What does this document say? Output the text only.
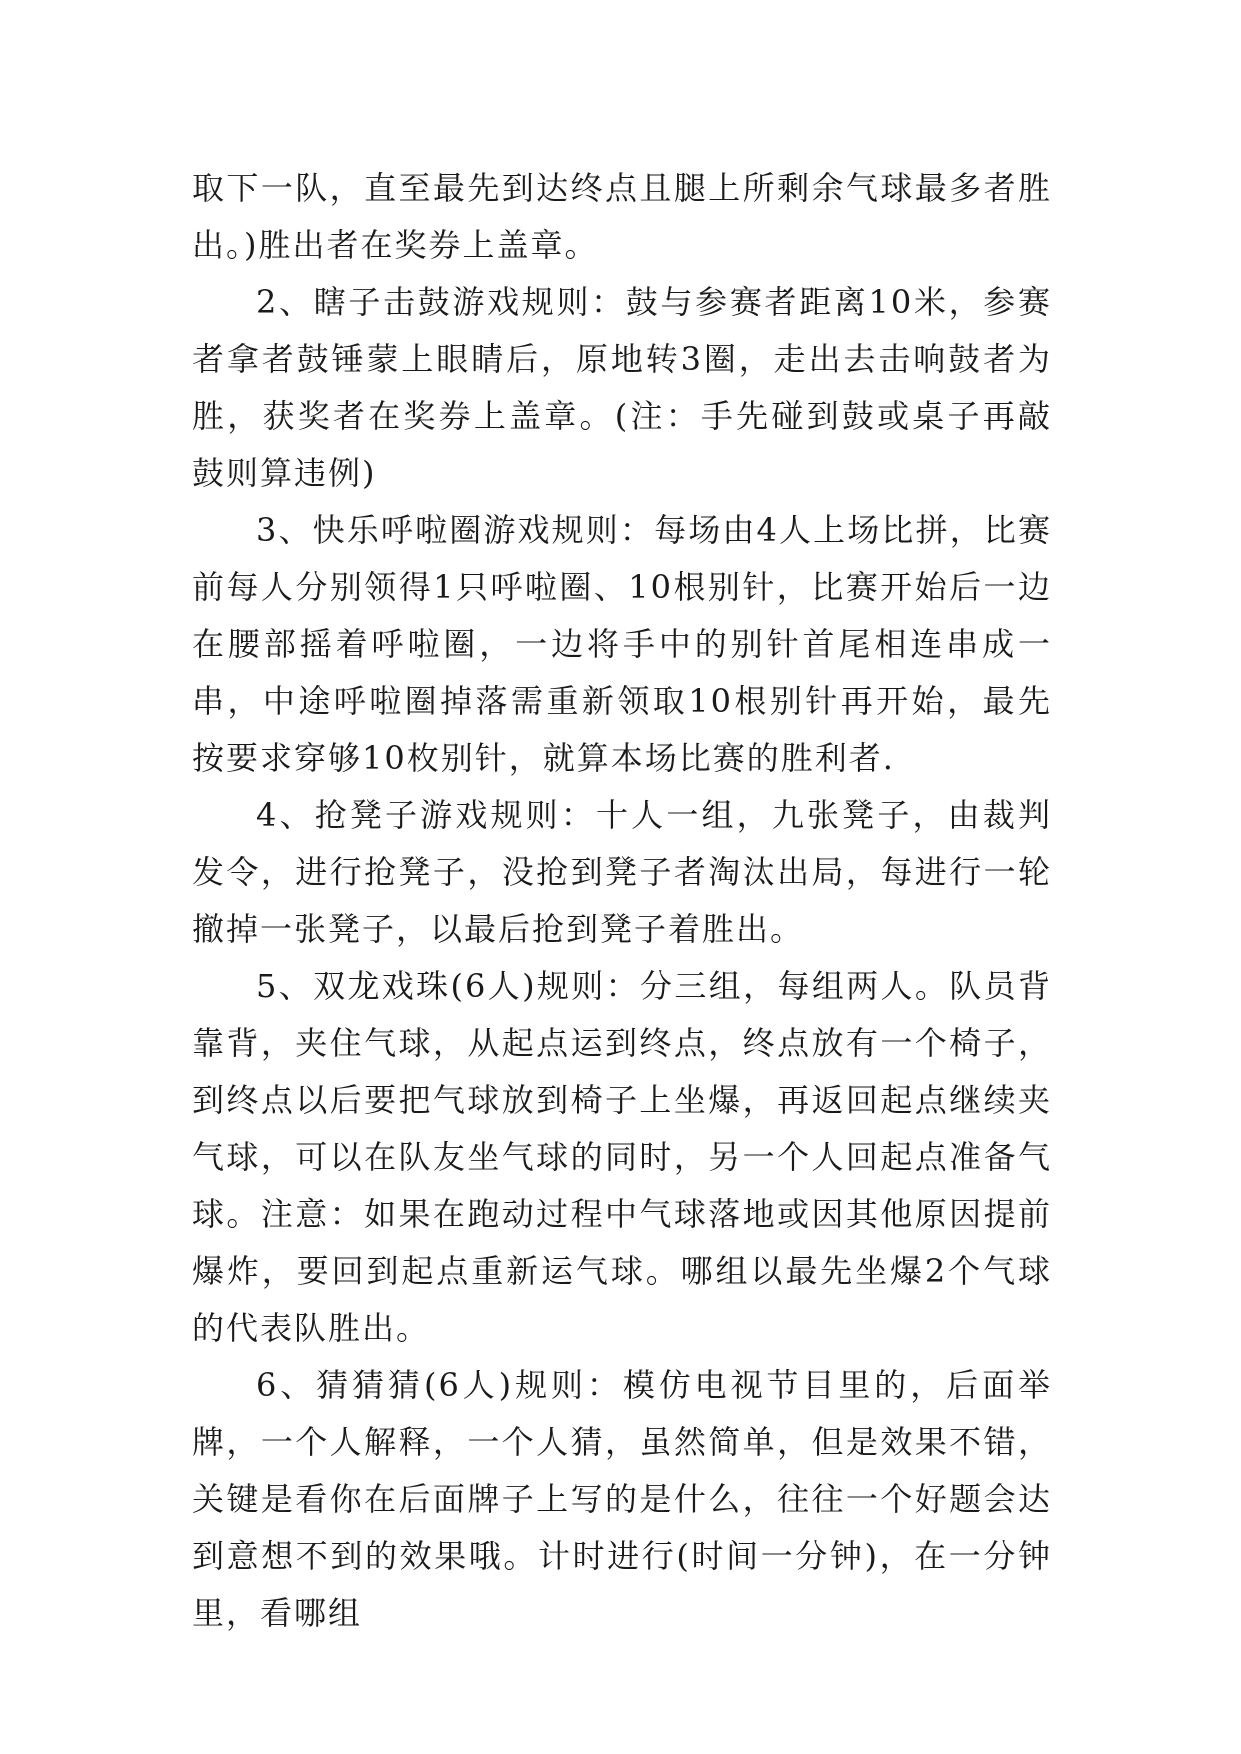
取下一队，直至最先到达终点且腿上所剩余气球最多者胜出。)胜出者在奖券上盖章。

2、瞎子击鼓游戏规则：鼓与参赛者距离10米，参赛者拿者鼓锤蒙上眼睛后，原地转3圈，走出去击响鼓者为胜，获奖者在奖券上盖章。(注：手先碰到鼓或桌子再敲鼓则算违例)

3、快乐呼啦圈游戏规则：每场由4人上场比拼，比赛前每人分别领得1只呼啦圈、10根别针，比赛开始后一边在腰部摇着呼啦圈，一边将手中的别针首尾相连串成一串，中途呼啦圈掉落需重新领取10根别针再开始，最先按要求穿够10枚别针，就算本场比赛的胜利者.

4、抢凳子游戏规则：十人一组，九张凳子，由裁判发令，进行抢凳子，没抢到凳子者淘汰出局，每进行一轮撤掉一张凳子，以最后抢到凳子着胜出。

5、双龙戏珠(6人)规则：分三组，每组两人。队员背靠背，夹住气球，从起点运到终点，终点放有一个椅子，到终点以后要把气球放到椅子上坐爆，再返回起点继续夹气球，可以在队友坐气球的同时，另一个人回起点准备气球。注意：如果在跑动过程中气球落地或因其他原因提前爆炸，要回到起点重新运气球。哪组以最先坐爆2个气球的代表队胜出。

6、猜猜猜(6人)规则：模仿电视节目里的，后面举牌，一个人解释，一个人猜，虽然简单，但是效果不错，关键是看你在后面牌子上写的是什么，往往一个好题会达到意想不到的效果哦。计时进行(时间一分钟)，在一分钟里，看哪组
